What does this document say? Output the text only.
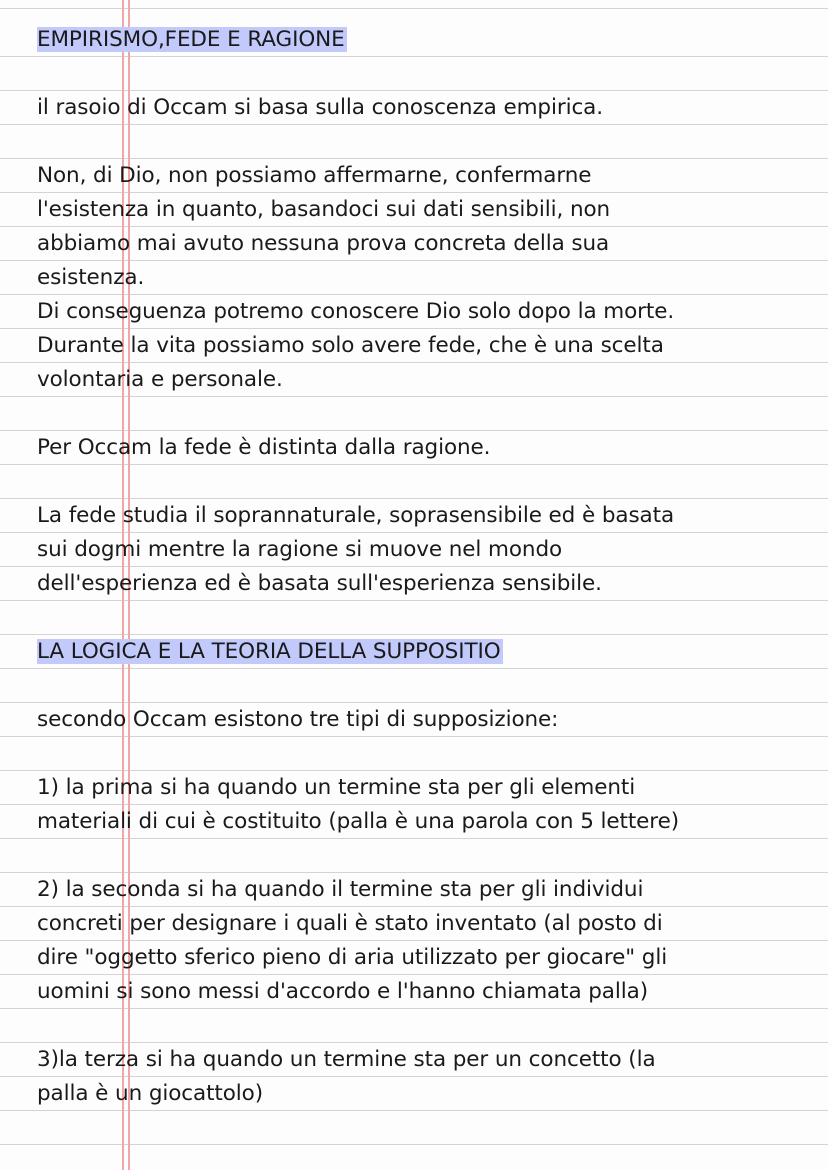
EMPIRISMO,FEDE E RAGIONE
il rasoio di Occam si basa sulla conoscenza empirica.
Non, di Dio, non possiamo affermarne, confermarne
l'esistenza in quanto, basandoci sui dati sensibili, non
abbiamo mai avuto nessuna prova concreta della sua
esistenza.
Di conseguenza potremo conoscere Dio solo dopo la morte.
Durante la vita possiamo solo avere fede, che è una scelta
volontaria e personale.
Per Occam la fede è distinta dalla ragione.
La fede studia il soprannaturale, soprasensibile ed è basata
sui dogmi mentre la ragione si muove nel mondo
dell'esperienza ed è basata sull'esperienza sensibile.
LA LOGICA E LA TEORIA DELLA SUPPOSITIO
secondo Occam esistono tre tipi di supposizione:
1) la prima si ha quando un termine sta per gli elementi
materiali di cui è costituito (palla è una parola con 5 lettere)
2) la seconda si ha quando il termine sta per gli individui
concreti per designare i quali è stato inventato (al posto di
dire "oggetto sferico pieno di aria utilizzato per giocare" gli
uomini si sono messi d'accordo e l'hanno chiamata palla)
3)la terza si ha quando un termine sta per un concetto (la
palla è un giocattolo)
